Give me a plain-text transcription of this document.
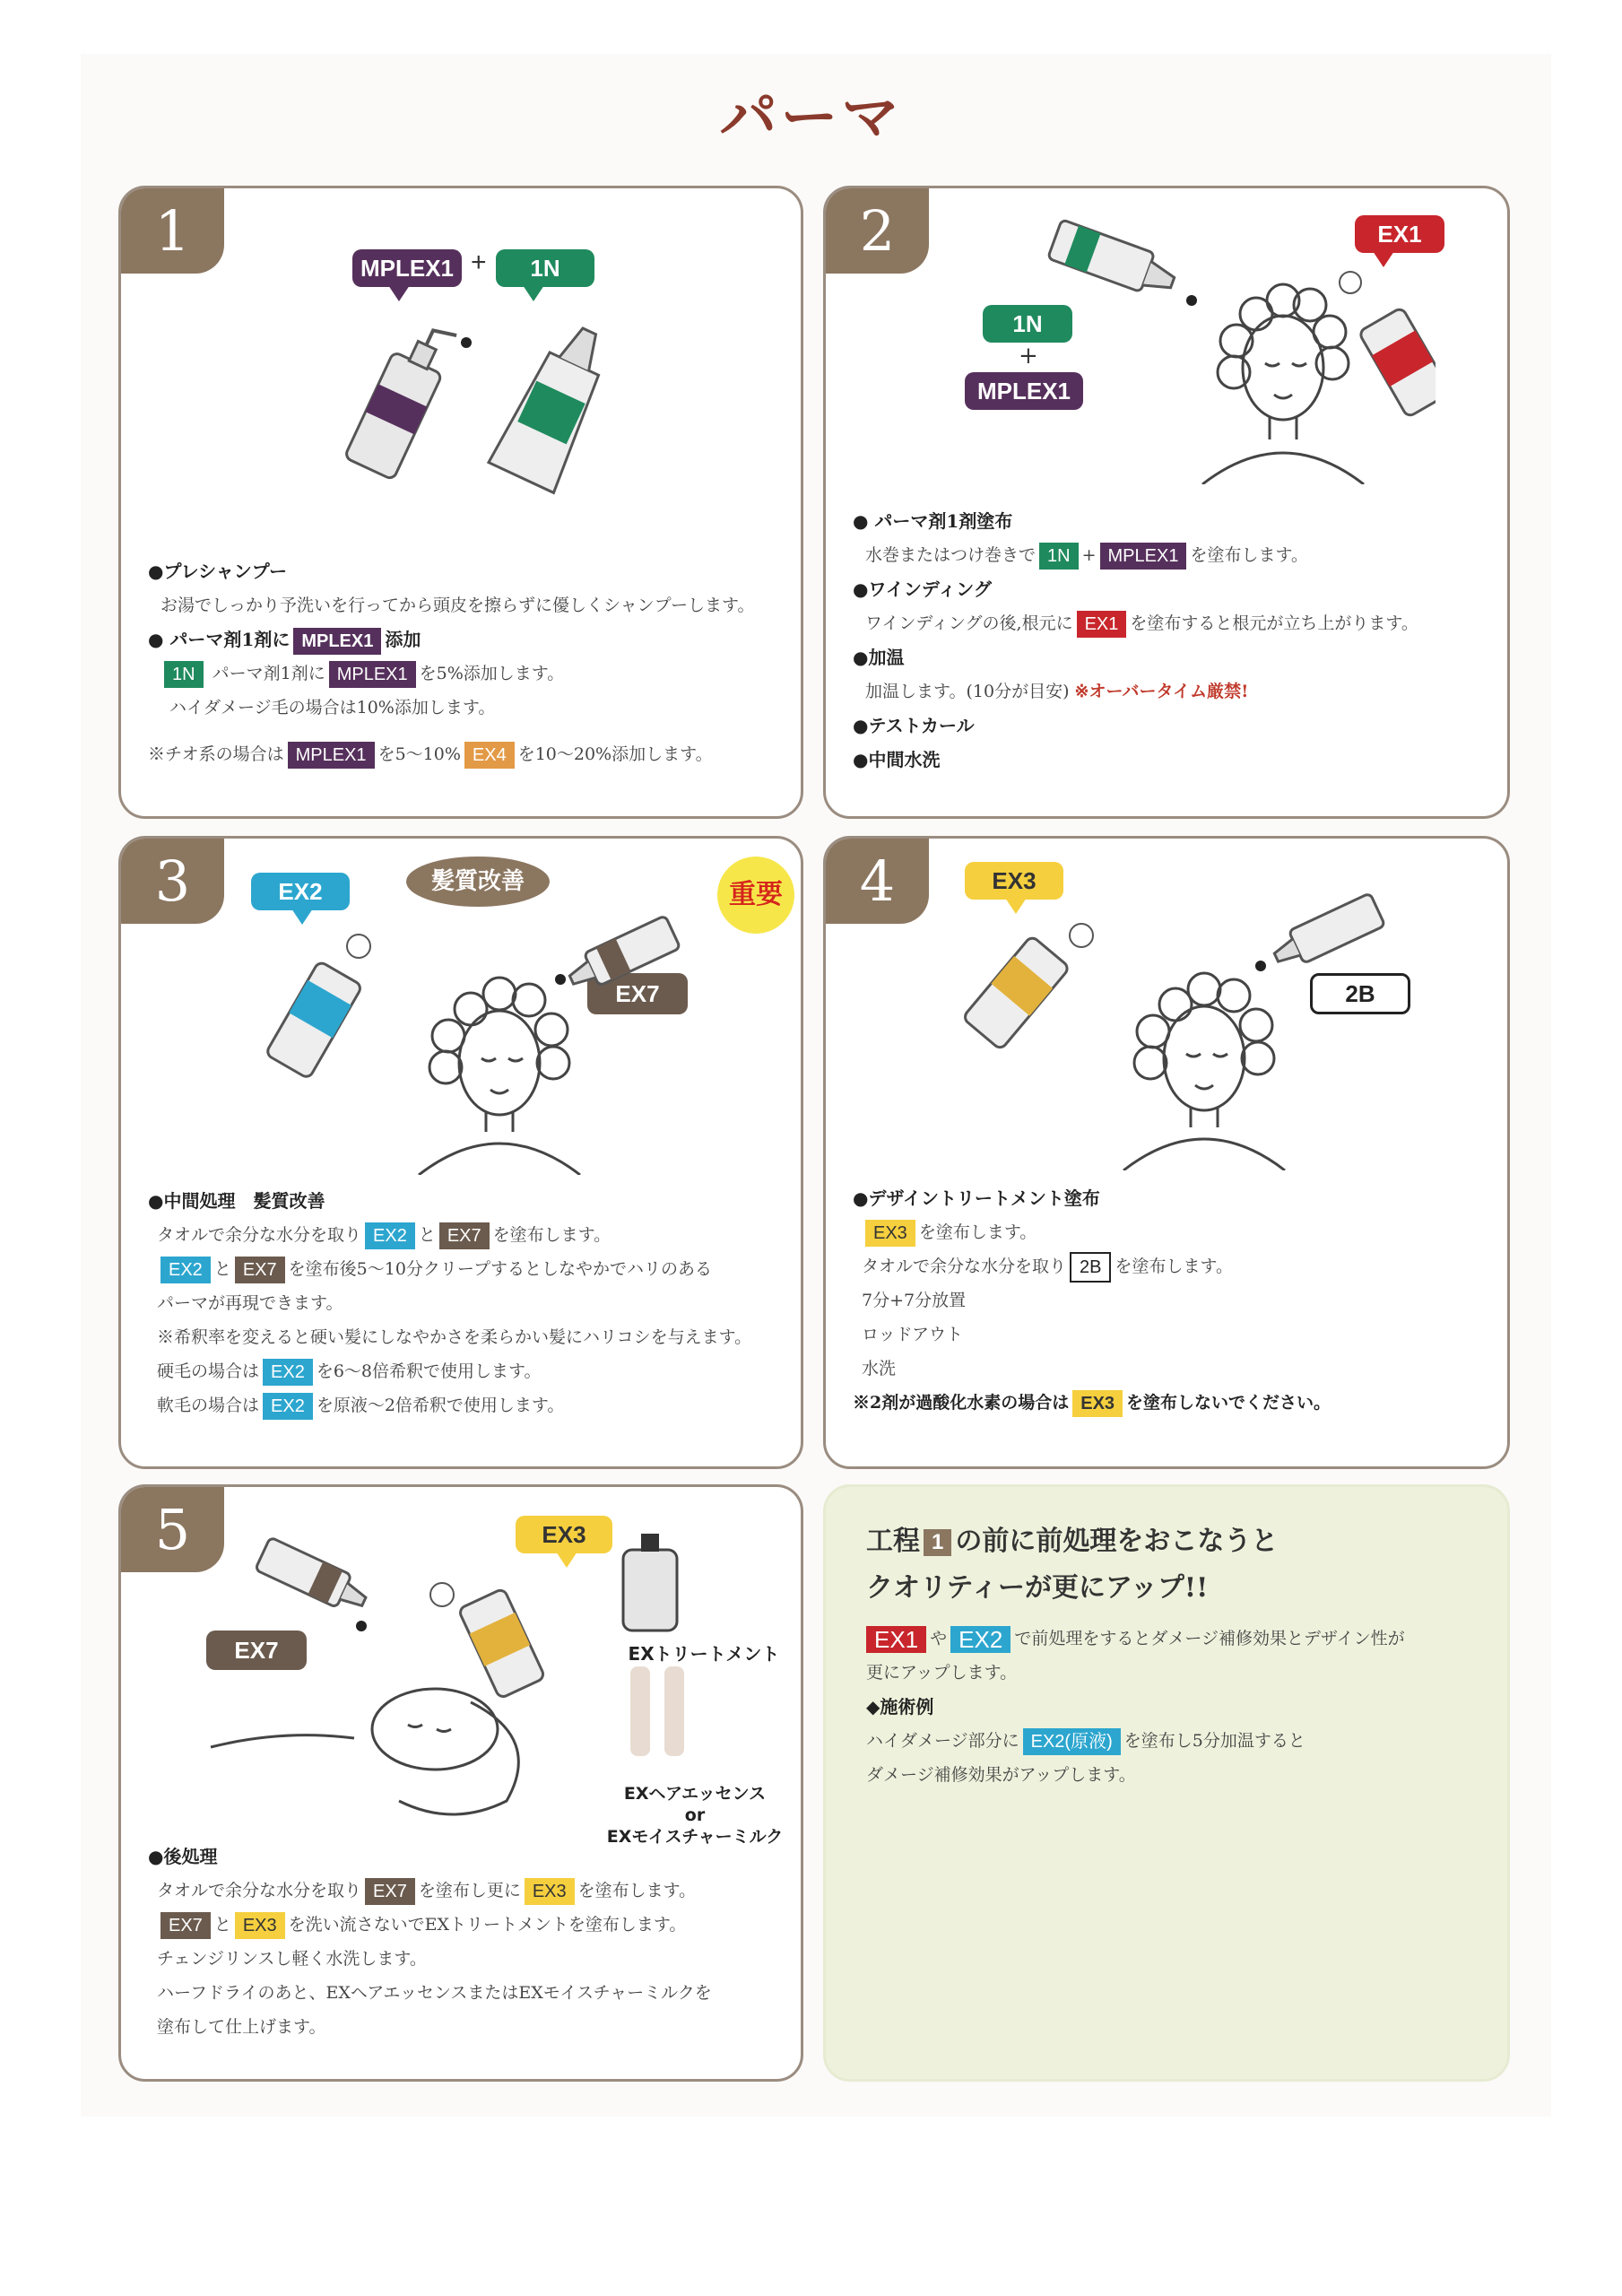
パーマ
1
MPLEX1 +	1N
●プレシャンプー
お湯でしっかり予洗いを行ってから頭皮を擦らずに優しくシャンプーします。
● パーマ剤1剤に MPLEX1 添加
1N パーマ剤1剤に MPLEX1 を5%添加します。
ハイダメージ毛の場合は10%添加します。
※チオ系の場合は MPLEX1 を5～10% EX4 を10～20%添加します。
2	EX1
1N
+
MPLEX1
● パーマ剤1剤塗布
水巻またはつけ巻きで 1N + MPLEX1 を塗布します。
●ワインディング
ワインディングの後,根元に EX1 を塗布すると根元が立ち上がります。
●加温
加温します。(10分が目安) ※オーバータイム厳禁!
●テストカール
●中間水洗
3	EX2	髪質改善	重要
EX7
●中間処理　髪質改善
タオルで余分な水分を取り EX2 と EX7 を塗布します。
EX2 と EX7 を塗布後5～10分クリープするとしなやかでハリのある
パーマが再現できます。
※希釈率を変えると硬い髪にしなやかさを柔らかい髪にハリコシを与えます。
硬毛の場合は EX2 を6～8倍希釈で使用します。
軟毛の場合は EX2 を原液～2倍希釈で使用します。
4	EX3
2B
●デザイントリートメント塗布
EX3 を塗布します。
タオルで余分な水分を取り 2B を塗布します。
7分+7分放置
ロッドアウト
水洗
※2剤が過酸化水素の場合は EX3 を塗布しないでください。
5	EX3
EX7	EXトリートメント
EXヘアエッセンス
or
EXモイスチャーミルク
●後処理
タオルで余分な水分を取り EX7 を塗布し更に EX3 を塗布します。
EX7 と EX3 を洗い流さないでEXトリートメントを塗布します。
チェンジリンスし軽く水洗します。
ハーフドライのあと、EXヘアエッセンスまたはEXモイスチャーミルクを
塗布して仕上げます。
工程 1 の前に前処理をおこなうと
クオリティーが更にアップ!!
EX1 や EX2 で前処理をするとダメージ補修効果とデザイン性が
更にアップします。
◆施術例
ハイダメージ部分に EX2(原液) を塗布し5分加温すると
ダメージ補修効果がアップします。
